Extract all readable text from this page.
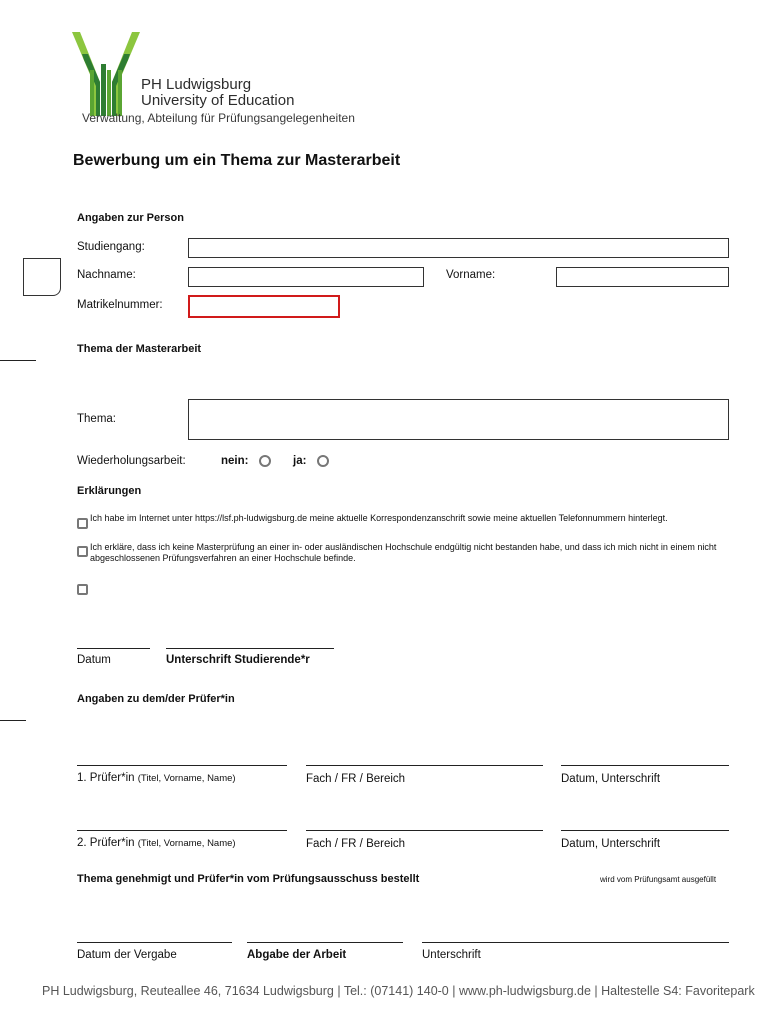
PH Ludwigsburg
University of Education
Verwaltung, Abteilung für Prüfungsangelegenheiten
Bewerbung um ein Thema zur Masterarbeit
Angaben zur Person
Studiengang:
Nachname:	Vorname:
Matrikelnummer:
Thema der Masterarbeit
Thema:
Wiederholungsarbeit:	nein:	ja:
Erklärungen
Ich habe im Internet unter https://lsf.ph-ludwigsburg.de meine aktuelle Korrespondenzanschrift sowie meine aktuellen Telefonnummern hinterlegt.
Ich erkläre, dass ich keine Masterprüfung an einer in- oder ausländischen Hochschule endgültig nicht bestanden habe, und dass ich mich nicht in einem nicht abgeschlossenen Prüfungsverfahren an einer Hochschule befinde.
Datum	Unterschrift Studierende*r
Angaben zu dem/der Prüfer*in
1. Prüfer*in (Titel, Vorname, Name)	Fach / FR / Bereich	Datum, Unterschrift
2. Prüfer*in (Titel, Vorname, Name)	Fach / FR / Bereich	Datum, Unterschrift
Thema genehmigt und Prüfer*in vom Prüfungsausschuss bestellt	wird vom Prüfungsamt ausgefüllt
Datum der Vergabe	Abgabe der Arbeit	Unterschrift
PH Ludwigsburg, Reuteallee 46, 71634 Ludwigsburg | Tel.: (07141) 140-0 | www.ph-ludwigsburg.de | Haltestelle S4: Favoritepark
